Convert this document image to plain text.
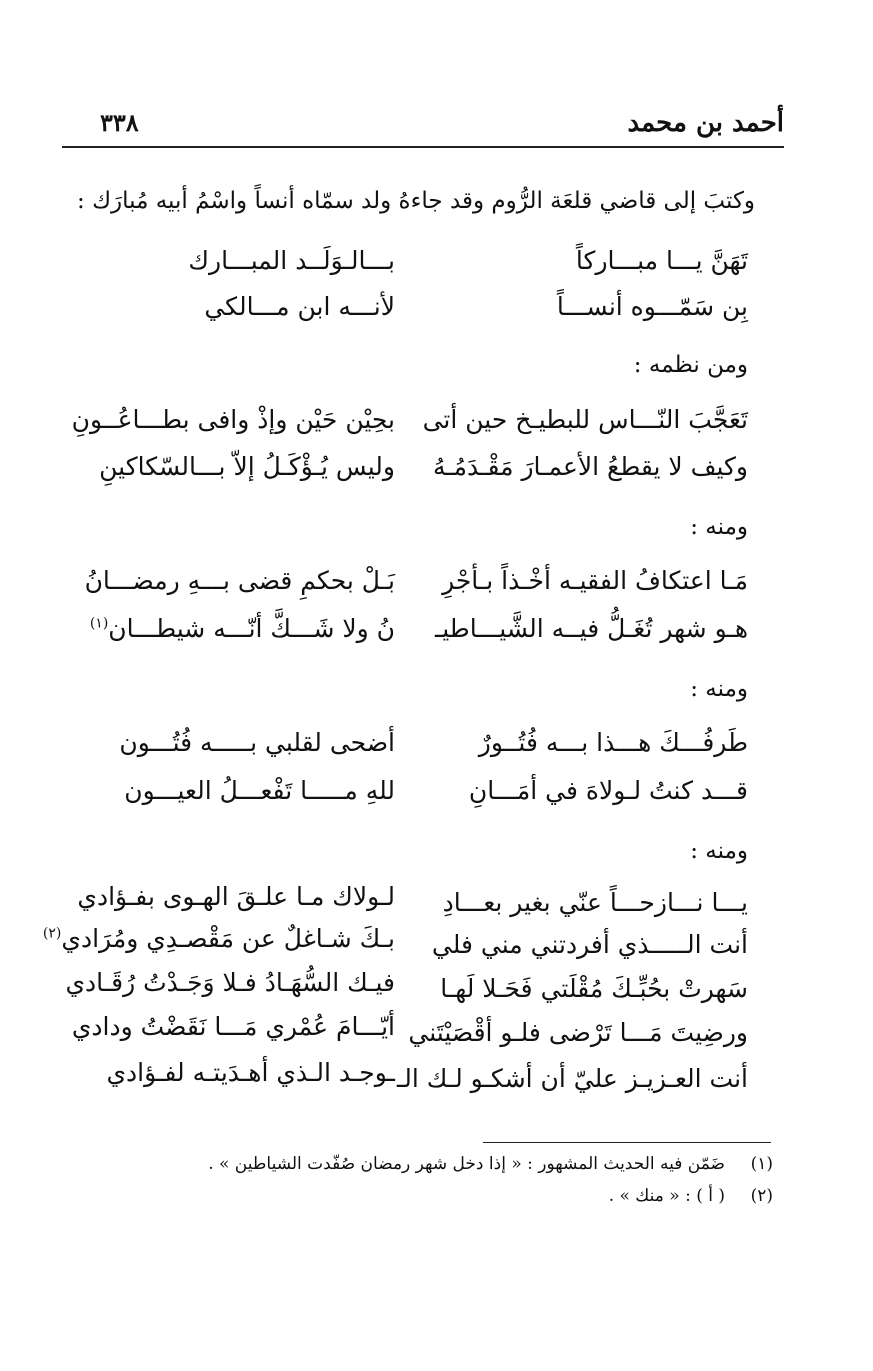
أحمد بن محمد
٣٣٨
وكتبَ إلى قاضي قلعَة الرُّوم وقد جاءهُ ولد سمّاه أنساً واسْمُ أبيه مُبارَك :
تَهَنَّ يـــا مبـــاركاً
بـــالـوَلَــد المبـــارك
بِن سَمّـــوه أنســـاً
لأنـــه ابن مـــالكي
ومن نظمه :
تَعَجَّبَ النّـــاس للبطيـخ حين أتى
بحِيْن حَيْن وإذْ وافى بطـــاعُــونِ
وكيف لا يقطعُ الأعمـارَ مَقْـدَمُـهُ
وليس يُـؤْكَـلُ إلاّ بـــالسّكاكينِ
ومنه :
مَـا اعتكافُ الفقيـه أخْـذاً بـأجْرِ
بَـلْ بحكمِ قضى بـــهِ رمضـــانُ
هـو شهر تُغَـلُّ فيــه الشَّيـــاطيـ
نُ ولا شَـــكَّ أنّـــه شيطـــان$^{(١)}$
ومنه :
طَرفُـــكَ هـــذا بـــه فُتُــورٌ
أضحى لقلبي بـــــه فُتُـــون
قـــد كنتُ لـولاهَ في أمَـــانِ
للهِ مـــــا تَفْعـــلُ العيـــون
ومنه :
يـــا نـــازحـــاً عنّي بغير بعـــادِ
لـولاك مـا علـقَ الهـوى بفـؤادي
أنت الـــــذي أفردتني مني فلي
بـكَ شـاغلٌ عن مَقْصـدِي ومُرَادي$^{(٢)}$
سَهرتْ بحُبِّـكَ مُقْلَتي فَحَـلا لَهـا
فيـك السُّهَـادُ فـلا وَجَـدْتُ رُقَـادي
ورضِيتَ مَـــا تَرْضى فلـو أقْصَيْتَني
أيّـــامَ عُمْري مَـــا نَقَضْتُ ودادي
أنت العـزيـز عليّ أن أشكـو لـك الـ
ـوجـد الـذي أهـدَيتـه لفـؤادي
(١)ضَمّن فيه الحديث المشهور : « إذا دخل شهر رمضان صُفّدت الشياطين » .
(٢)( أ ) : « منك » .
